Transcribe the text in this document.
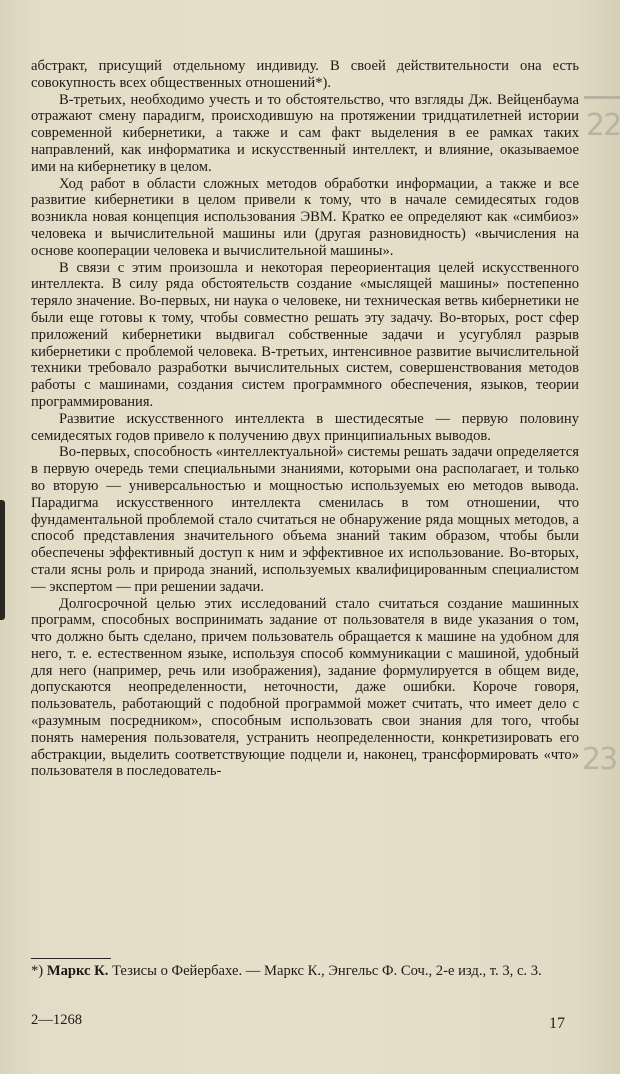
22
23

абстракт, присущий отдельному индивиду. В своей действительности она есть совокупность всех общественных отношений*).

В-третьих, необходимо учесть и то обстоятельство, что взгляды Дж. Вейценбаума отражают смену парадигм, происходившую на протяжении тридцатилетней истории современной кибернетики, а также и сам факт выделения в ее рамках таких направлений, как информатика и искусственный интеллект, и влияние, оказываемое ими на кибернетику в целом.

Ход работ в области сложных методов обработки информации, а также и все развитие кибернетики в целом привели к тому, что в начале семидесятых годов возникла новая концепция использования ЭВМ. Кратко ее определяют как «симбиоз» человека и вычислительной машины или (другая разновидность) «вычисления на основе кооперации человека и вычислительной машины».

В связи с этим произошла и некоторая переориентация целей искусственного интеллекта. В силу ряда обстоятельств создание «мыслящей машины» постепенно теряло значение. Во-первых, ни наука о человеке, ни техническая ветвь кибернетики не были еще готовы к тому, чтобы совместно решать эту задачу. Во-вторых, рост сфер приложений кибернетики выдвигал собственные задачи и усугублял разрыв кибернетики с проблемой человека. В-третьих, интенсивное развитие вычислительной техники требовало разработки вычислительных систем, совершенствования методов работы с машинами, создания систем программного обеспечения, языков, теории программирования.

Развитие искусственного интеллекта в шестидесятые — первую половину семидесятых годов привело к получению двух принципиальных выводов.

Во-первых, способность «интеллектуальной» системы решать задачи определяется в первую очередь теми специальными знаниями, которыми она располагает, и только во вторую — универсальностью и мощностью используемых ею методов вывода. Парадигма искусственного интеллекта сменилась в том отношении, что фундаментальной проблемой стало считаться не обнаружение ряда мощных методов, а способ представления значительного объема знаний таким образом, чтобы были обеспечены эффективный доступ к ним и эффективное их использование. Во-вторых, стали ясны роль и природа знаний, используемых квалифицированным специалистом — экспертом — при решении задачи.

Долгосрочной целью этих исследований стало считаться создание машинных программ, способных воспринимать задание от пользователя в виде указания о том, что должно быть сделано, причем пользователь обращается к машине на удобном для него, т. е. естественном языке, используя способ коммуникации с машиной, удобный для него (например, речь или изображения), задание формулируется в общем виде, допускаются неопределенности, неточности, даже ошибки. Короче говоря, пользователь, работающий с подобной программой может считать, что имеет дело с «разумным посредником», способным использовать свои знания для того, чтобы понять намерения пользователя, устранить неопределенности, конкретизировать его абстракции, выделить соответствующие подцели и, наконец, трансформировать «что» пользователя в последователь-

*) Маркс К. Тезисы о Фейербахе. — Маркс К., Энгельс Ф. Соч., 2-е изд., т. 3, с. 3.

2—1268	17
